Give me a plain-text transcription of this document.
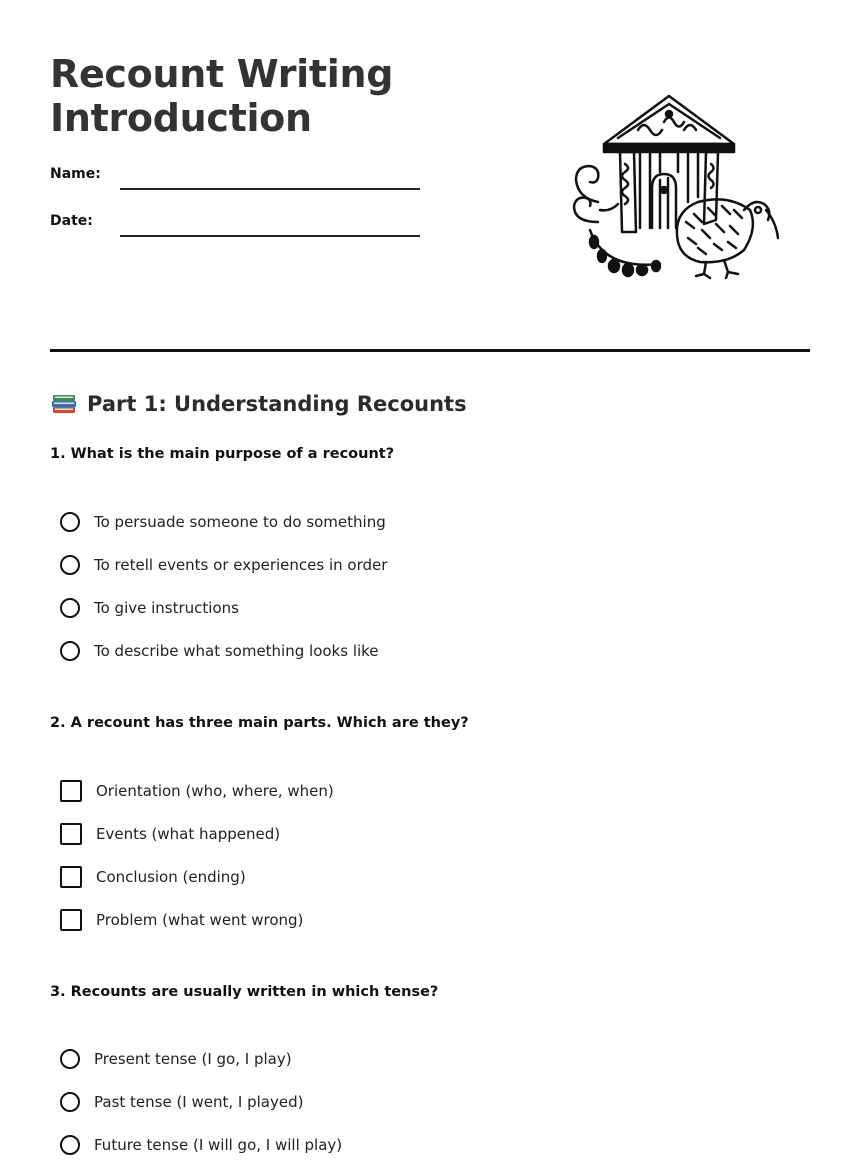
Recount Writing
Introduction
Name:
Date:
Part 1: Understanding Recounts
1. What is the main purpose of a recount?
To persuade someone to do something
To retell events or experiences in order
To give instructions
To describe what something looks like
2. A recount has three main parts. Which are they?
Orientation (who, where, when)
Events (what happened)
Conclusion (ending)
Problem (what went wrong)
3. Recounts are usually written in which tense?
Present tense (I go, I play)
Past tense (I went, I played)
Future tense (I will go, I will play)
